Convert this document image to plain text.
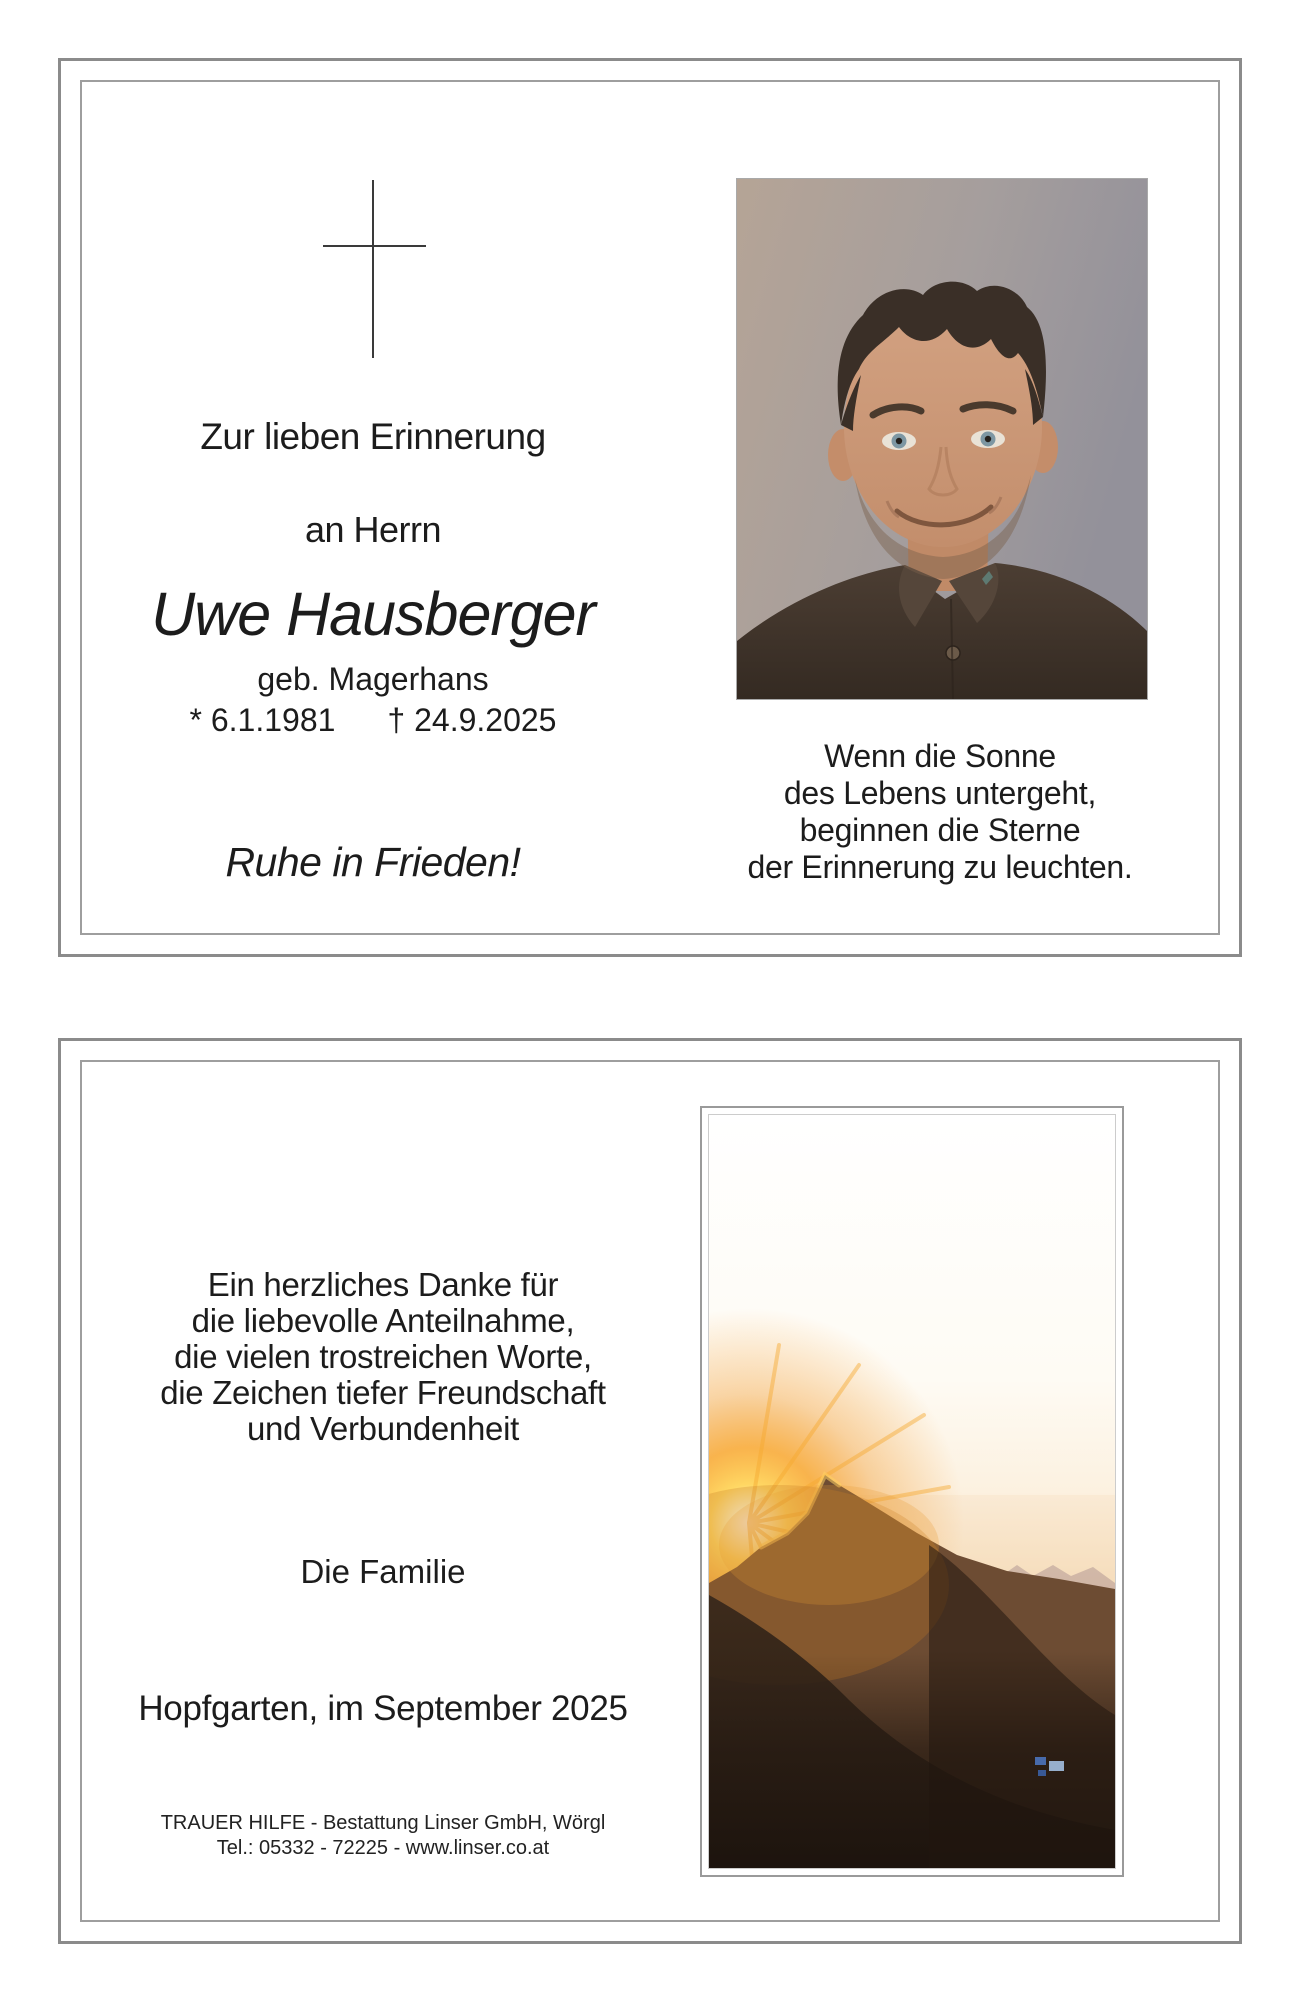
Zur lieben Erinnerung
an Herrn
Uwe Hausberger
geb. Magerhans
* 6.1.1981 † 24.9.2025
Ruhe in Frieden!
Wenn die Sonne
des Lebens untergeht,
beginnen die Sterne
der Erinnerung zu leuchten.
Ein herzliches Danke für
die liebevolle Anteilnahme,
die vielen trostreichen Worte,
die Zeichen tiefer Freundschaft
und Verbundenheit
Die Familie
Hopfgarten, im September 2025
TRAUER HILFE - Bestattung Linser GmbH, Wörgl
Tel.: 05332 - 72225 - www.linser.co.at
